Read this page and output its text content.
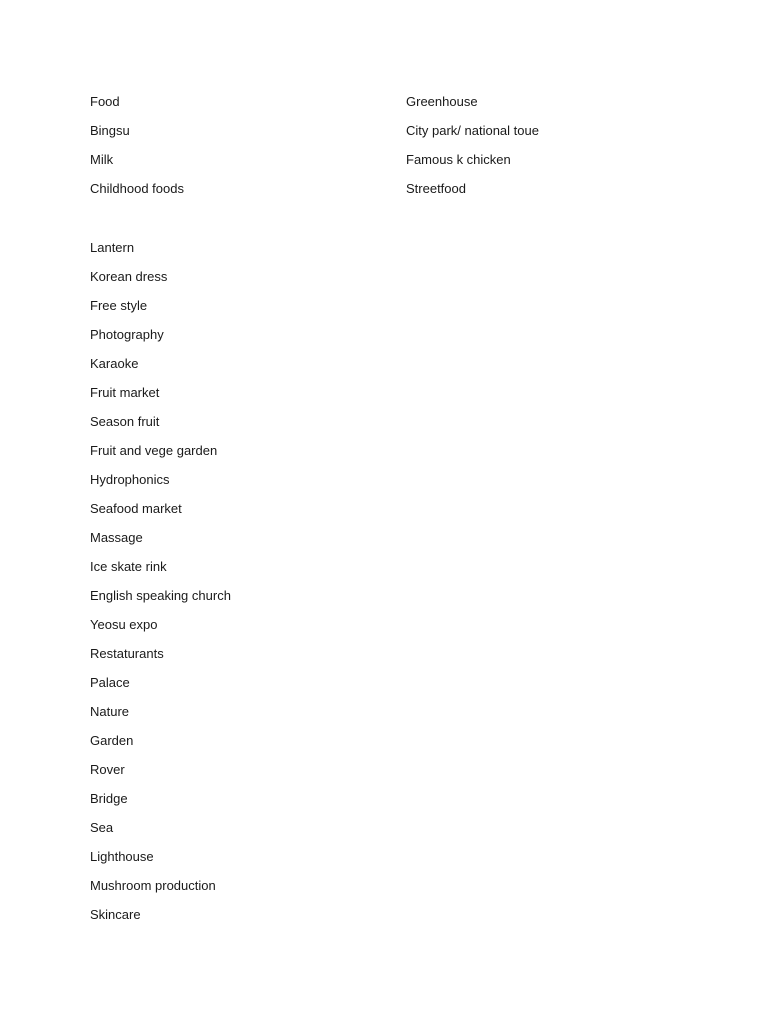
Food
Bingsu
Milk
Childhood foods
Lantern
Korean dress
Free style
Photography
Karaoke
Fruit market
Season fruit
Fruit and vege garden
Hydrophonics
Seafood market
Massage
Ice skate rink
English speaking church
Yeosu expo
Restaturants
Palace
Nature
Garden
Rover
Bridge
Sea
Lighthouse
Mushroom production
Skincare
Greenhouse
City park/ national toue
Famous k chicken
Streetfood
